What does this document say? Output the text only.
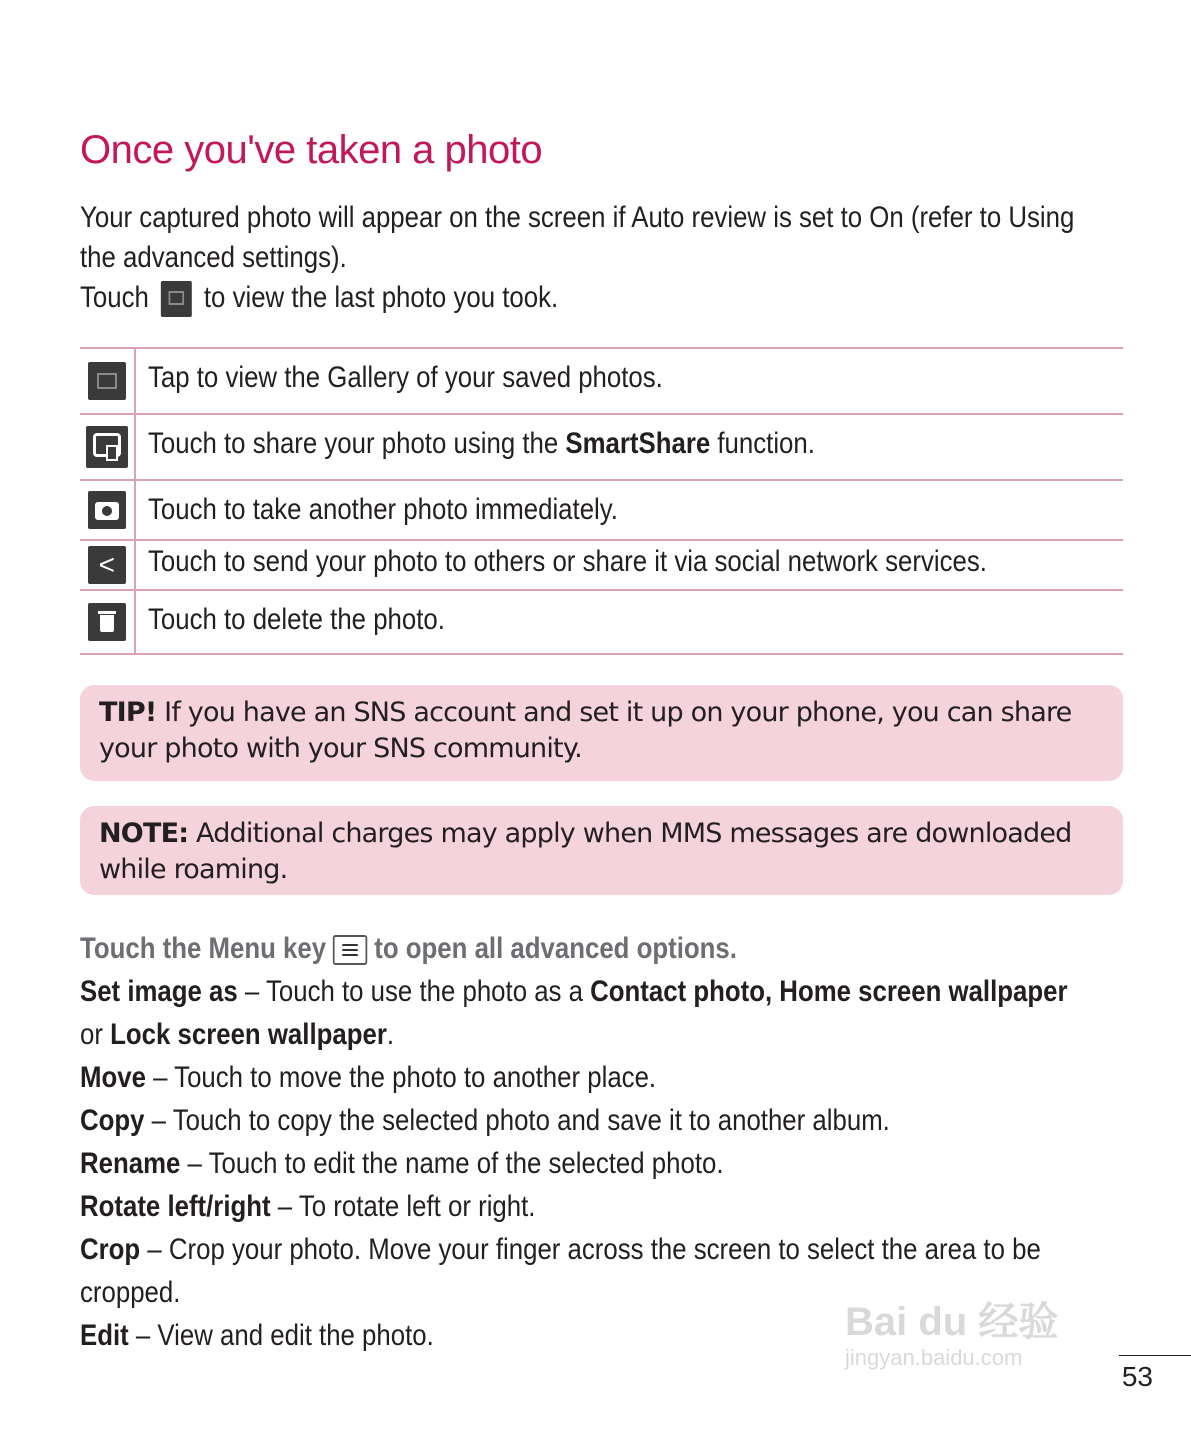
Once you've taken a photo
Your captured photo will appear on the screen if Auto review is set to On (refer to Using
the advanced settings).
Touch to view the last photo you took.
	Tap to view the Gallery of your saved photos.
	Touch to share your photo using the SmartShare function.
	Touch to take another photo immediately.
<	Touch to send your photo to others or share it via social network services.
	Touch to delete the photo.
TIP! If you have an SNS account and set it up on your phone, you can share
your photo with your SNS community.
NOTE: Additional charges may apply when MMS messages are downloaded
while roaming.
Touch the Menu key to open all advanced options.
Set image as – Touch to use the photo as a Contact photo, Home screen wallpaper
or Lock screen wallpaper.
Move – Touch to move the photo to another place.
Copy – Touch to copy the selected photo and save it to another album.
Rename – Touch to edit the name of the selected photo.
Rotate left/right – To rotate left or right.
Crop – Crop your photo. Move your finger across the screen to select the area to be
cropped.
Edit – View and edit the photo.	Bai du 经验
jingyan.baidu.com
53
